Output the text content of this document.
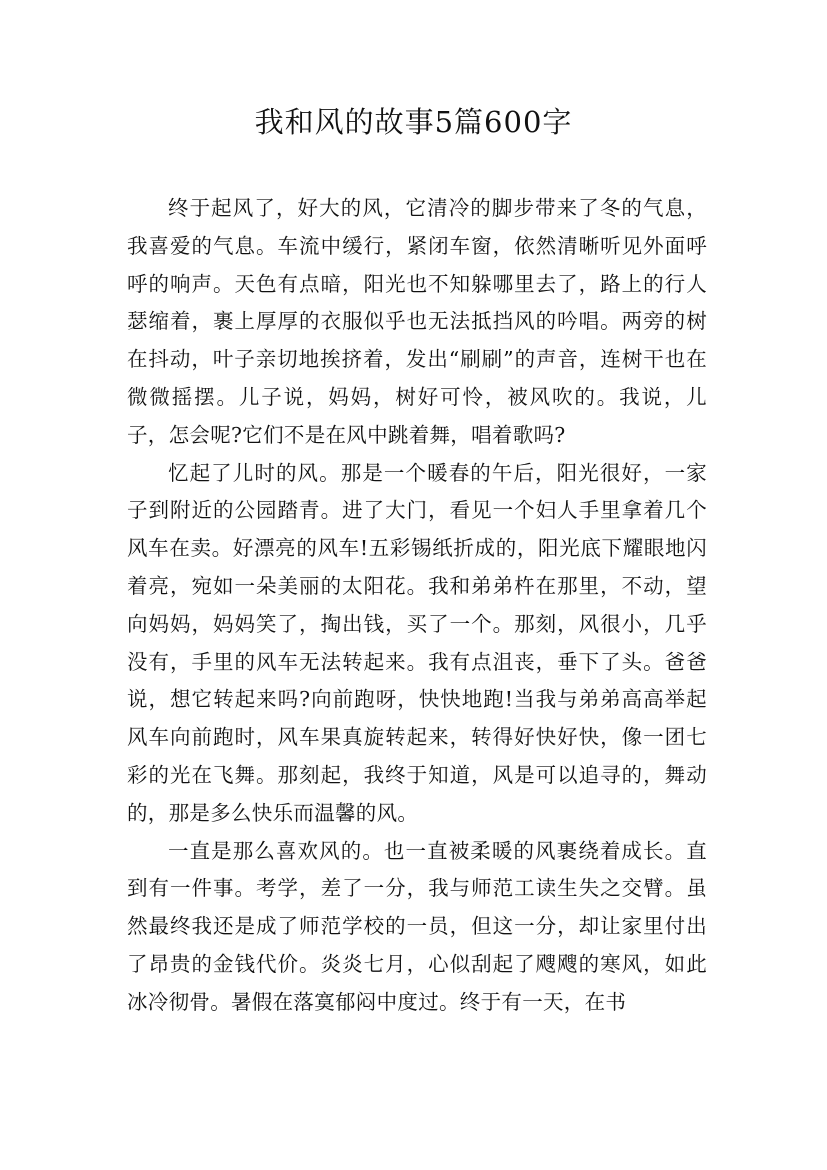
我和风的故事5篇600字

终于起风了，好大的风，它清冷的脚步带来了冬的气息，我喜爱的气息。车流中缓行，紧闭车窗，依然清晰听见外面呼呼的响声。天色有点暗，阳光也不知躲哪里去了，路上的行人瑟缩着，裹上厚厚的衣服似乎也无法抵挡风的吟唱。两旁的树在抖动，叶子亲切地挨挤着，发出“刷刷”的声音，连树干也在微微摇摆。儿子说，妈妈，树好可怜，被风吹的。我说，儿子，怎会呢?它们不是在风中跳着舞，唱着歌吗?

忆起了儿时的风。那是一个暖春的午后，阳光很好，一家子到附近的公园踏青。进了大门，看见一个妇人手里拿着几个风车在卖。好漂亮的风车!五彩锡纸折成的，阳光底下耀眼地闪着亮，宛如一朵美丽的太阳花。我和弟弟杵在那里，不动，望向妈妈，妈妈笑了，掏出钱，买了一个。那刻，风很小，几乎没有，手里的风车无法转起来。我有点沮丧，垂下了头。爸爸说，想它转起来吗?向前跑呀，快快地跑!当我与弟弟高高举起风车向前跑时，风车果真旋转起来，转得好快好快，像一团七彩的光在飞舞。那刻起，我终于知道，风是可以追寻的，舞动的，那是多么快乐而温馨的风。

一直是那么喜欢风的。也一直被柔暖的风裹绕着成长。直到有一件事。考学，差了一分，我与师范工读生失之交臂。虽然最终我还是成了师范学校的一员，但这一分，却让家里付出了昂贵的金钱代价。炎炎七月，心似刮起了飕飕的寒风，如此冰冷彻骨。暑假在落寞郁闷中度过。终于有一天，在书
